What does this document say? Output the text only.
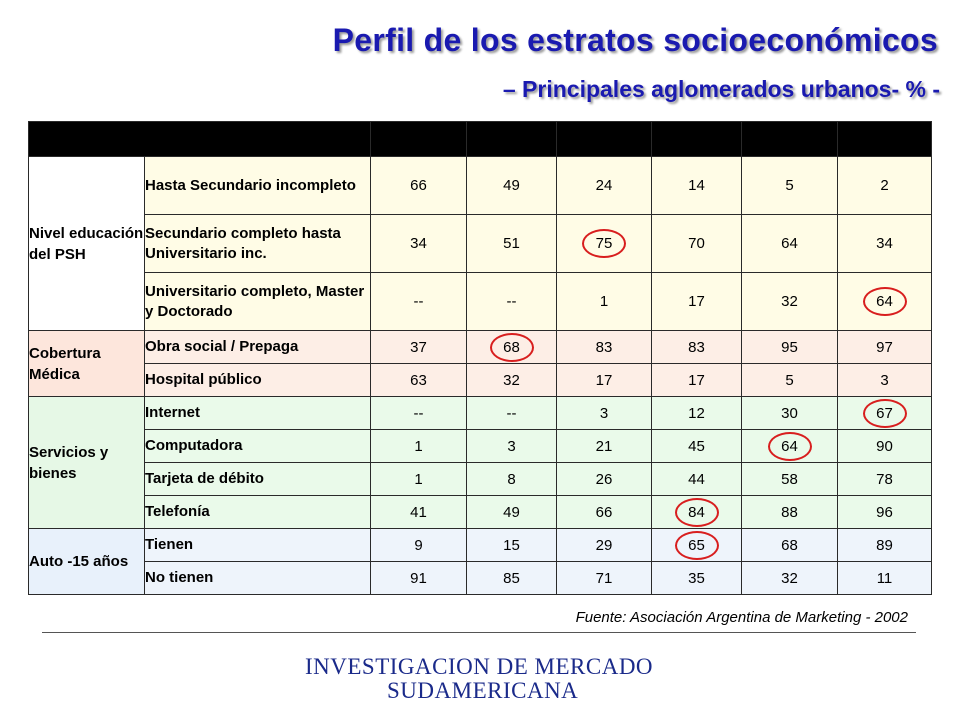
Perfil de los estratos socioeconómicos
– Principales aglomerados urbanos- % -
		Marginal	Bajo -	Bajo +	Medio	Medio +	Alto
Nivel educación del PSH	Hasta Secundario incompleto	66	49	24	14	5	2
	Secundario completo hasta Universitario inc.	34	51	75	70	64	34
	Universitario completo, Master y Doctorado	--	--	1	17	32	64
Cobertura Médica	Obra social / Prepaga	37	68	83	83	95	97
	Hospital público	63	32	17	17	5	3
Servicios y bienes	Internet	--	--	3	12	30	67
	Computadora	1	3	21	45	64	90
	Tarjeta de débito	1	8	26	44	58	78
	Telefonía	41	49	66	84	88	96
Auto -15 años	Tienen	9	15	29	65	68	89
	No tienen	91	85	71	35	32	11
Fuente: Asociación Argentina de Marketing - 2002
INVESTIGACION DE MERCADO
SUDAMERICANA
